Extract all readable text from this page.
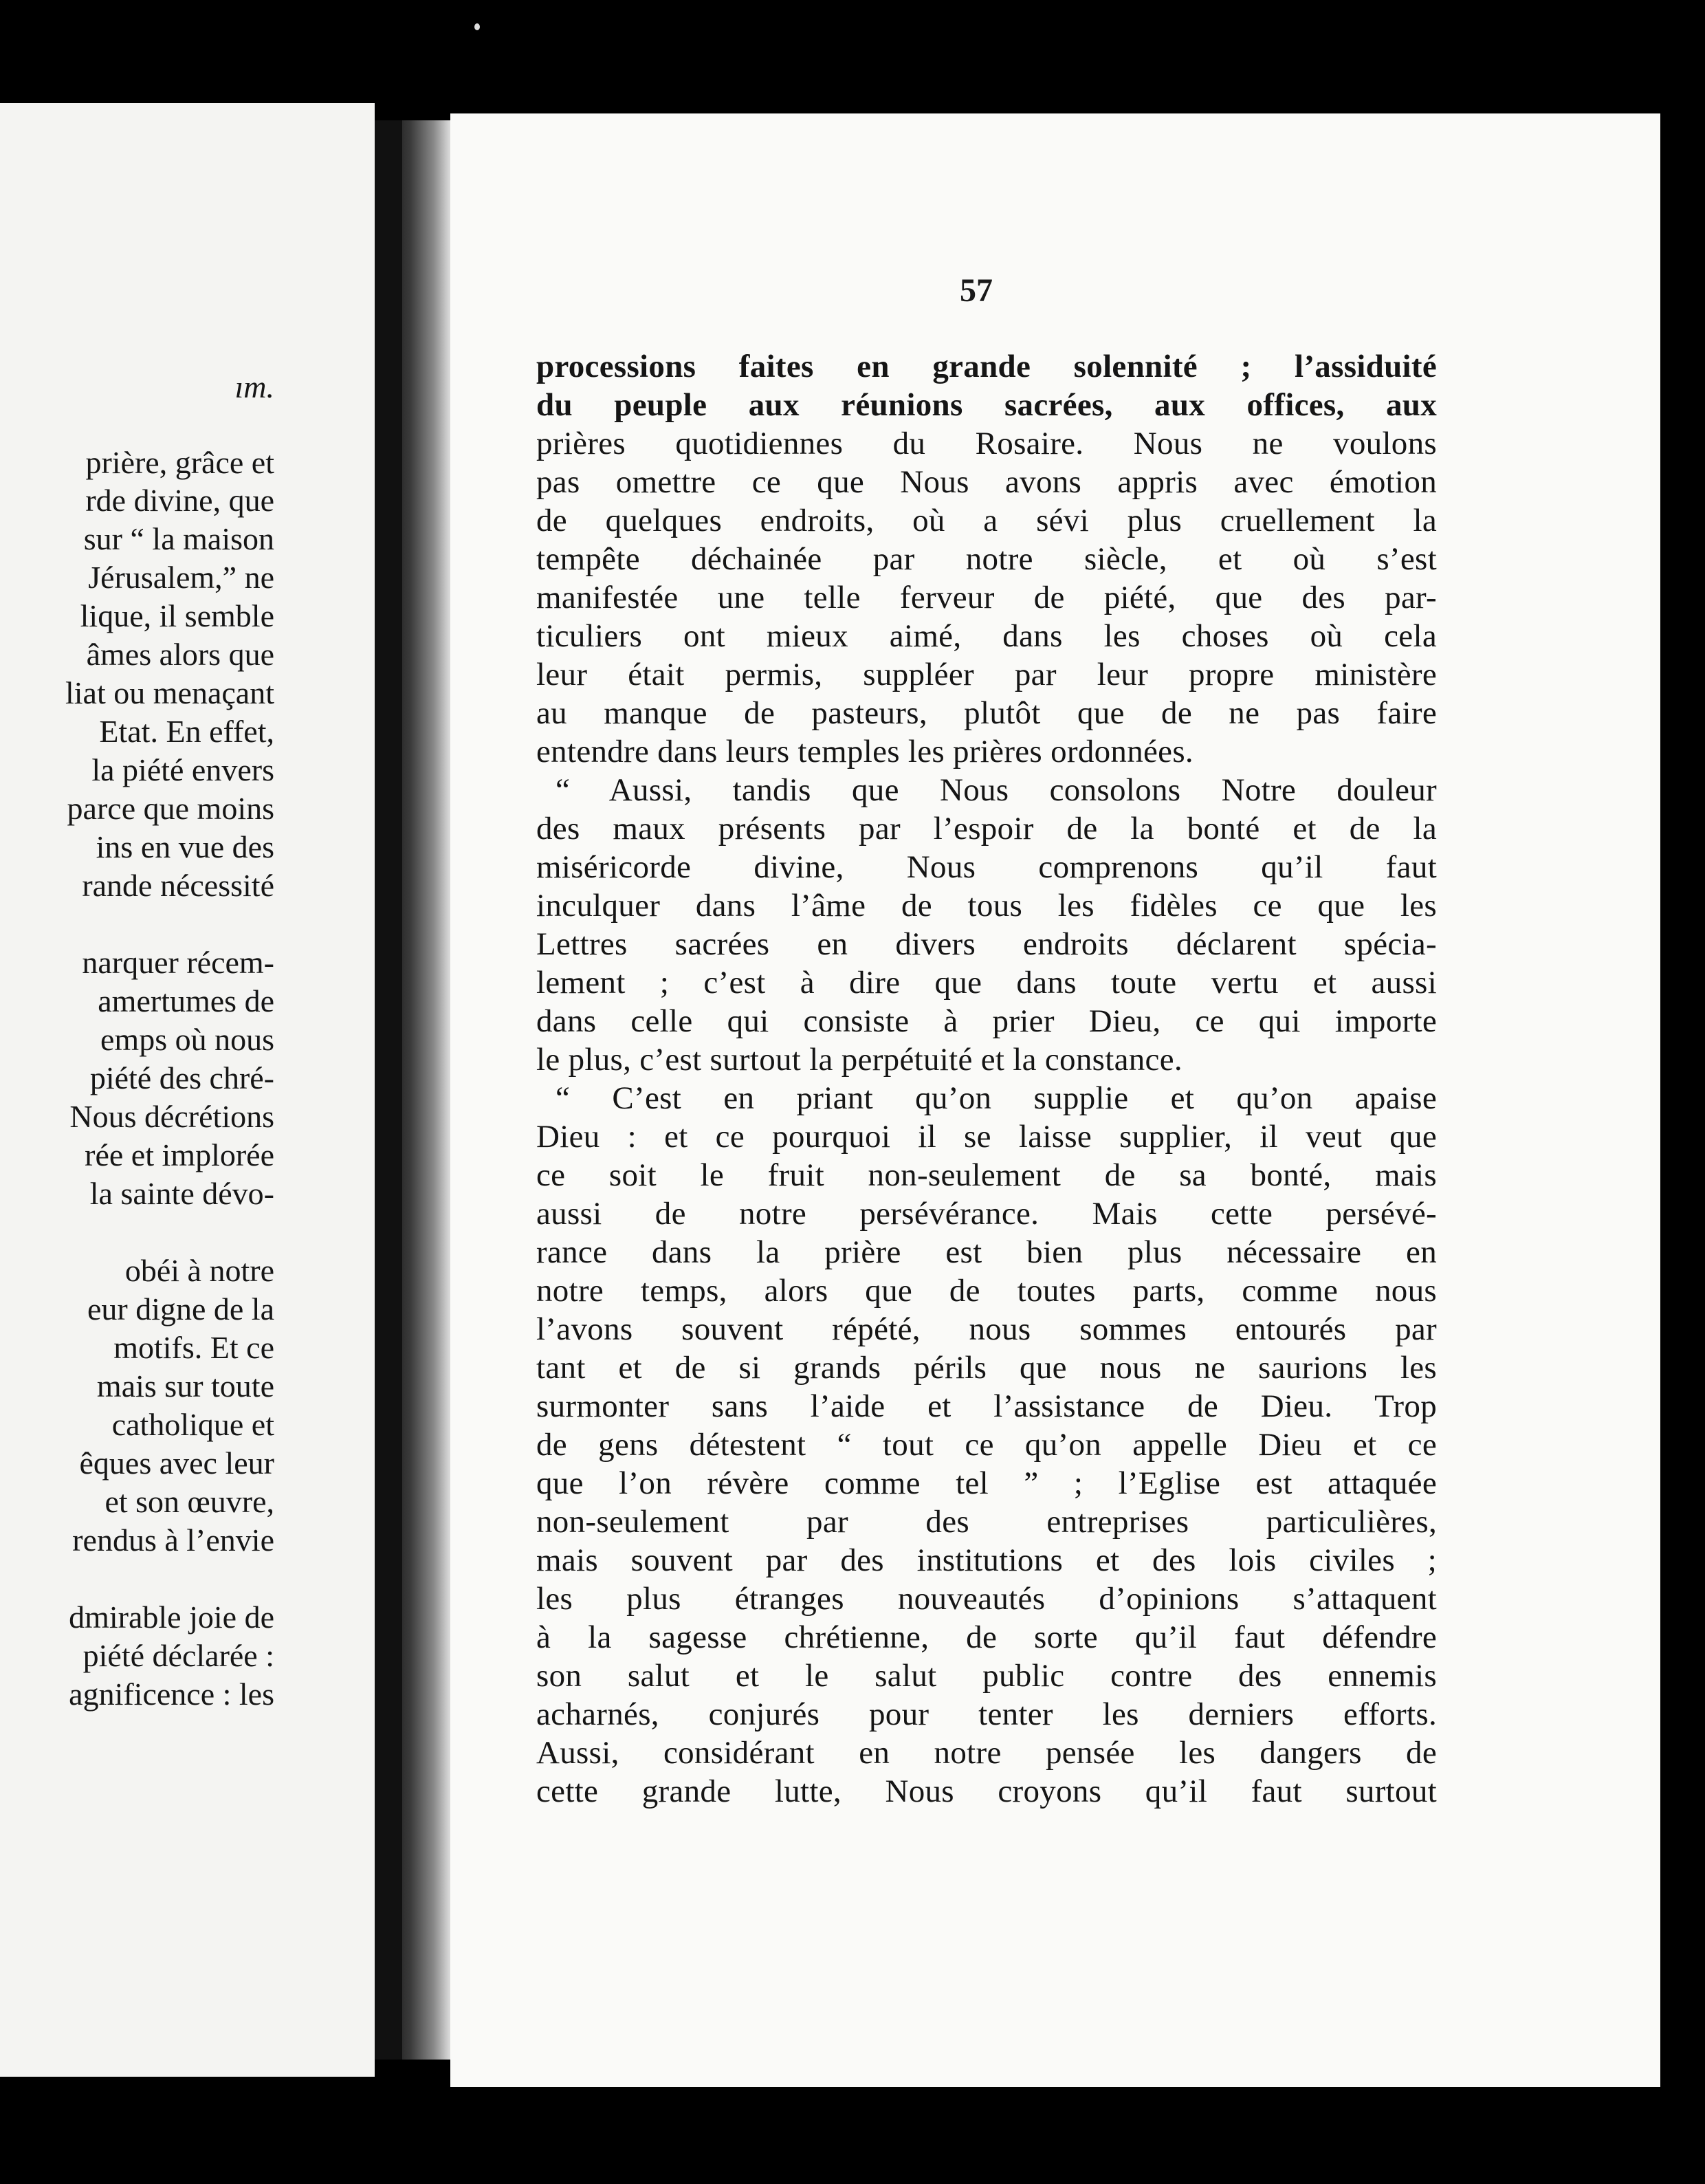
ım.
prière, grâce et
rde divine, que
sur “ la maison
Jérusalem,” ne
lique, il semble
âmes alors que
liat ou menaçant
Etat. En effet,
la piété envers
parce que moins
ins en vue des
rande nécessité
narquer récem-
amertumes de
emps où nous
piété des chré-
Nous décrétions
rée et implorée
la sainte dévo-
obéi à notre
eur digne de la
motifs. Et ce
mais sur toute
catholique et
êques avec leur
et son œuvre,
rendus à l’envie
dmirable joie de
piété déclarée :
agnificence : les
57
processions faites en grande solennité ; l’assiduité
du peuple aux réunions sacrées, aux offices, aux
prières quotidiennes du Rosaire. Nous ne voulons
pas omettre ce que Nous avons appris avec émotion
de quelques endroits, où a sévi plus cruellement la
tempête déchainée par notre siècle, et où s’est
manifestée une telle ferveur de piété, que des par-
ticuliers ont mieux aimé, dans les choses où cela
leur était permis, suppléer par leur propre ministère
au manque de pasteurs, plutôt que de ne pas faire
entendre dans leurs temples les prières ordonnées.
“ Aussi, tandis que Nous consolons Notre douleur
des maux présents par l’espoir de la bonté et de la
miséricorde divine, Nous comprenons qu’il faut
inculquer dans l’âme de tous les fidèles ce que les
Lettres sacrées en divers endroits déclarent spécia-
lement ; c’est à dire que dans toute vertu et aussi
dans celle qui consiste à prier Dieu, ce qui importe
le plus, c’est surtout la perpétuité et la constance.
“ C’est en priant qu’on supplie et qu’on apaise
Dieu : et ce pourquoi il se laisse supplier, il veut que
ce soit le fruit non-seulement de sa bonté, mais
aussi de notre persévérance. Mais cette persévé-
rance dans la prière est bien plus nécessaire en
notre temps, alors que de toutes parts, comme nous
l’avons souvent répété, nous sommes entourés par
tant et de si grands périls que nous ne saurions les
surmonter sans l’aide et l’assistance de Dieu. Trop
de gens détestent “ tout ce qu’on appelle Dieu et ce
que l’on révère comme tel ” ; l’Eglise est attaquée
non-seulement par des entreprises particulières,
mais souvent par des institutions et des lois civiles ;
les plus étranges nouveautés d’opinions s’attaquent
à la sagesse chrétienne, de sorte qu’il faut défendre
son salut et le salut public contre des ennemis
acharnés, conjurés pour tenter les derniers efforts.
Aussi, considérant en notre pensée les dangers de
cette grande lutte, Nous croyons qu’il faut surtout
